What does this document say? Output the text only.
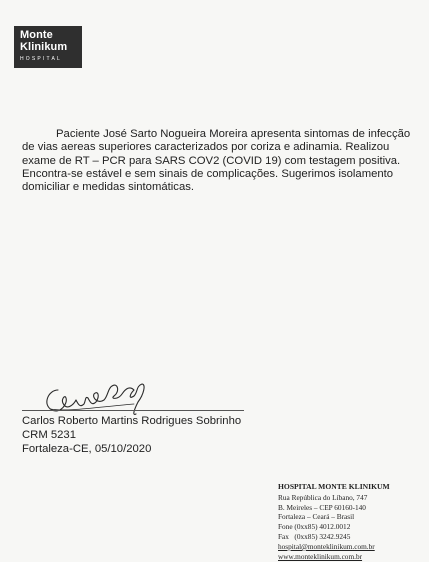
Monte
Klinikum
HOSPITAL

Paciente José Sarto Nogueira Moreira apresenta sintomas de infecção de vias aereas superiores caracterizados por coriza e adinamia. Realizou exame de RT – PCR para SARS COV2 (COVID 19) com testagem positiva. Encontra-se estável e sem sinais de complicações. Sugerimos isolamento domiciliar e medidas sintomáticas.

Carlos Roberto Martins Rodrigues Sobrinho
CRM 5231
Fortaleza-CE, 05/10/2020
HOSPITAL MONTE KLINIKUM
Rua República do Líbano, 747
B. Meireles – CEP 60160-140
Fortaleza – Ceará – Brasil
Fone (0xx85) 4012.0012
Fax   (0xx85) 3242.9245
hospital@monteklinikum.com.br
www.monteklinikum.com.br
